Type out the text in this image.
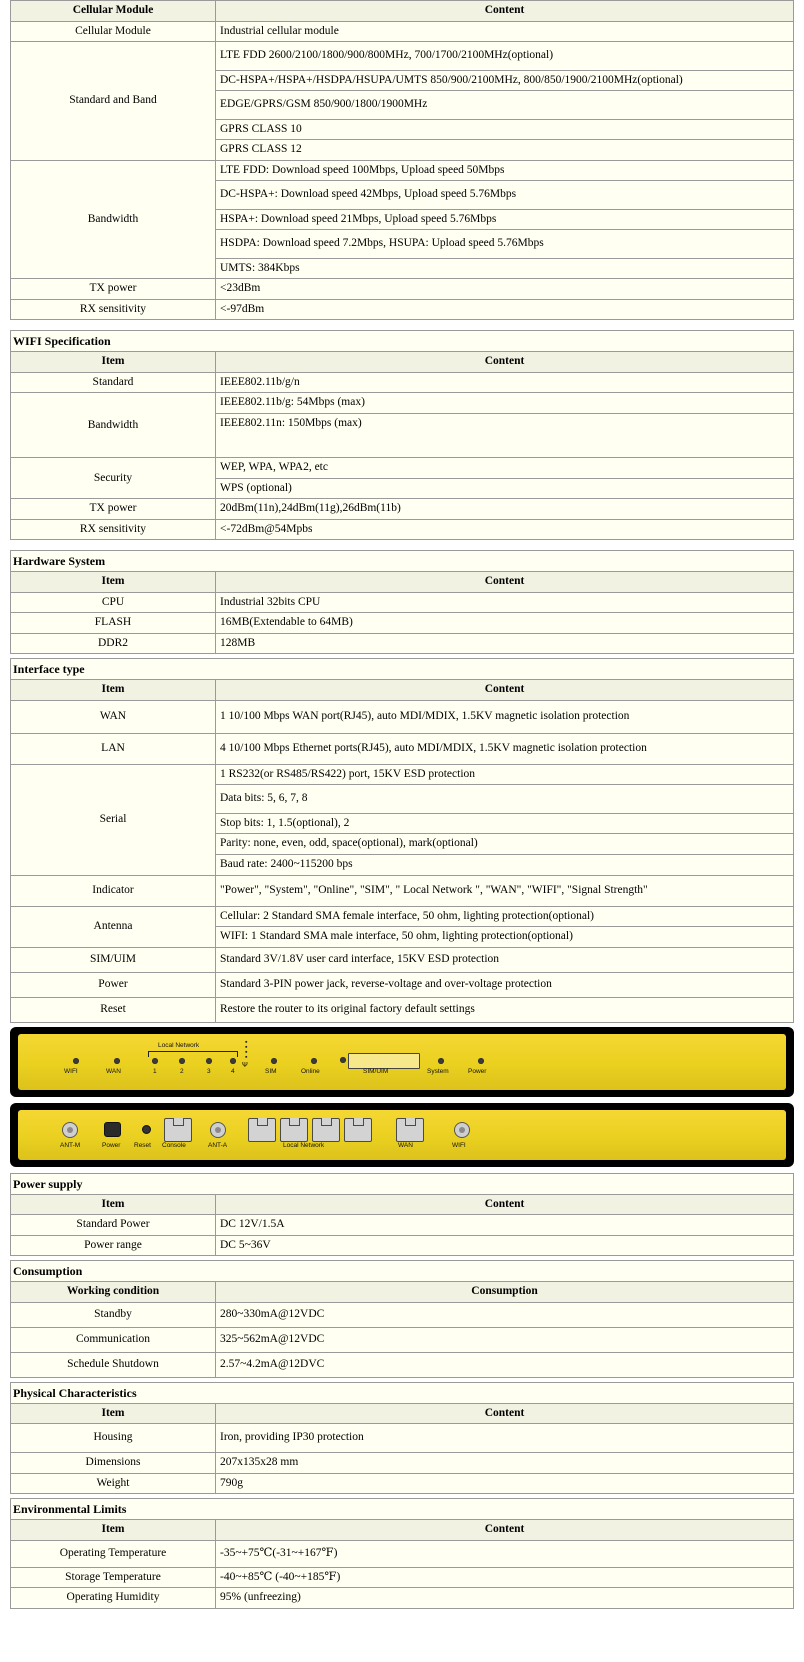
Cellular Module	Content
Cellular Module	Industrial cellular module
Standard and Band	LTE FDD 2600/2100/1800/900/800MHz, 700/1700/2100MHz(optional)
DC-HSPA+/HSPA+/HSDPA/HSUPA/UMTS 850/900/2100MHz, 800/850/1900/2100MHz(optional)
EDGE/GPRS/GSM 850/900/1800/1900MHz
GPRS CLASS 10
GPRS CLASS 12

Bandwidth	LTE FDD: Download speed 100Mbps, Upload speed 50Mbps
DC-HSPA+: Download speed 42Mbps, Upload speed 5.76Mbps
HSPA+: Download speed 21Mbps, Upload speed 5.76Mbps
HSDPA: Download speed 7.2Mbps, HSUPA: Upload speed 5.76Mbps
UMTS: 384Kbps

TX power	<23dBm
RX sensitivity	<-97dBm
WIFI Specification
Item	Content
Standard	IEEE802.11b/g/n
Bandwidth	IEEE802.11b/g: 54Mbps (max)
IEEE802.11n: 150Mbps (max)

Security	WEP, WPA, WPA2, etc
WPS (optional)

TX power	20dBm(11n),24dBm(11g),26dBm(11b)
RX sensitivity	<-72dBm@54Mpbs
Hardware System
Item	Content
CPU	Industrial 32bits CPU
FLASH	16MB(Extendable to 64MB)
DDR2	128MB
Interface type
Item	Content
WAN	1 10/100 Mbps WAN port(RJ45), auto MDI/MDIX, 1.5KV magnetic isolation protection
LAN	4 10/100 Mbps Ethernet ports(RJ45), auto MDI/MDIX, 1.5KV magnetic isolation protection
Serial	1 RS232(or RS485/RS422) port, 15KV ESD protection
Data bits: 5, 6, 7, 8
Stop bits: 1, 1.5(optional), 2
Parity: none, even, odd, space(optional), mark(optional)
Baud rate: 2400~115200 bps

Indicator	"Power", "System", "Online", "SIM", " Local Network ", "WAN", "WIFI", "Signal Strength"
Antenna	Cellular: 2 Standard SMA female interface, 50 ohm, lighting protection(optional)
WIFI: 1 Standard SMA male interface, 50 ohm, lighting protection(optional)

SIM/UIM	Standard 3V/1.8V user card interface, 15KV ESD protection
Power	Standard 3-PIN power jack, reverse-voltage and over-voltage protection
Reset	Restore the router to its original factory default settings
WIFI	WAN
Local Network
1	2	3	4
▪
▪
▪
▪
Ψ
SIM	Online	SIM/UIM	System	Power
ANT-M	Power Reset Console	ANT-A	Local Network	WAN	WIFI
Power supply
Item	Content
Standard Power	DC 12V/1.5A
Power range	DC 5~36V
Consumption
Working condition	Consumption
Standby	280~330mA@12VDC
Communication	325~562mA@12VDC
Schedule Shutdown	2.57~4.2mA@12DVC
Physical Characteristics
Item	Content
Housing	Iron, providing IP30 protection
Dimensions	207x135x28 mm
Weight	790g
Environmental Limits
Item	Content
Operating Temperature	-35~+75℃(-31~+167℉)
Storage Temperature	-40~+85℃ (-40~+185℉)
Operating Humidity	95% (unfreezing)
